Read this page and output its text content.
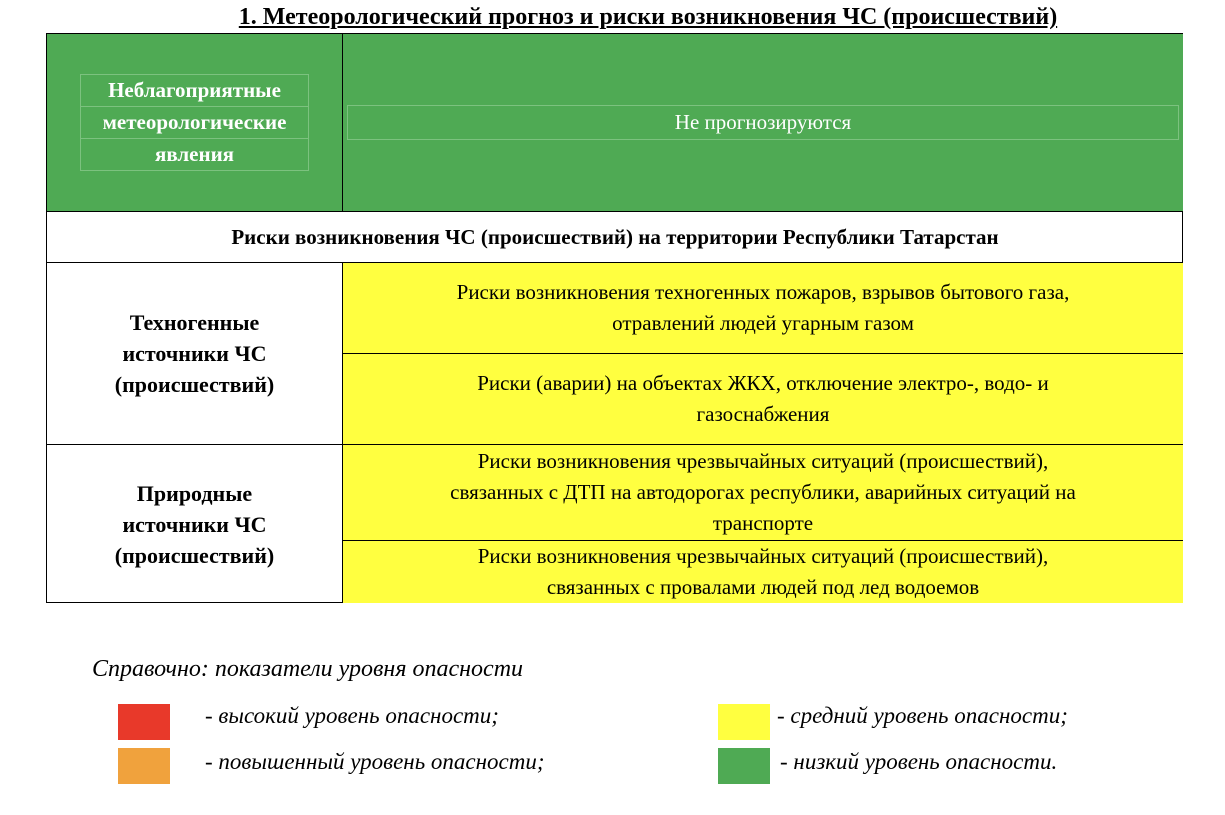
1. Метеорологический прогноз и риски возникновения ЧС (происшествий)
Неблагоприятные
метеорологические
явления
Не прогнозируются
Риски возникновения ЧС (происшествий) на территории Республики Татарстан
Техногенные
источники ЧС
(происшествий)
Риски возникновения техногенных пожаров, взрывов бытового газа,
отравлений людей угарным газом
Риски (аварии) на объектах ЖКХ, отключение электро-, водо- и
газоснабжения
Природные
источники ЧС
(происшествий)
Риски возникновения чрезвычайных ситуаций (происшествий),
связанных с ДТП на автодорогах республики, аварийных ситуаций на
транспорте
Риски возникновения чрезвычайных ситуаций (происшествий),
связанных с провалами людей под лед водоемов
Справочно: показатели уровня опасности
- высокий уровень опасности;
- повышенный уровень опасности;
- средний уровень опасности;
- низкий уровень опасности.
